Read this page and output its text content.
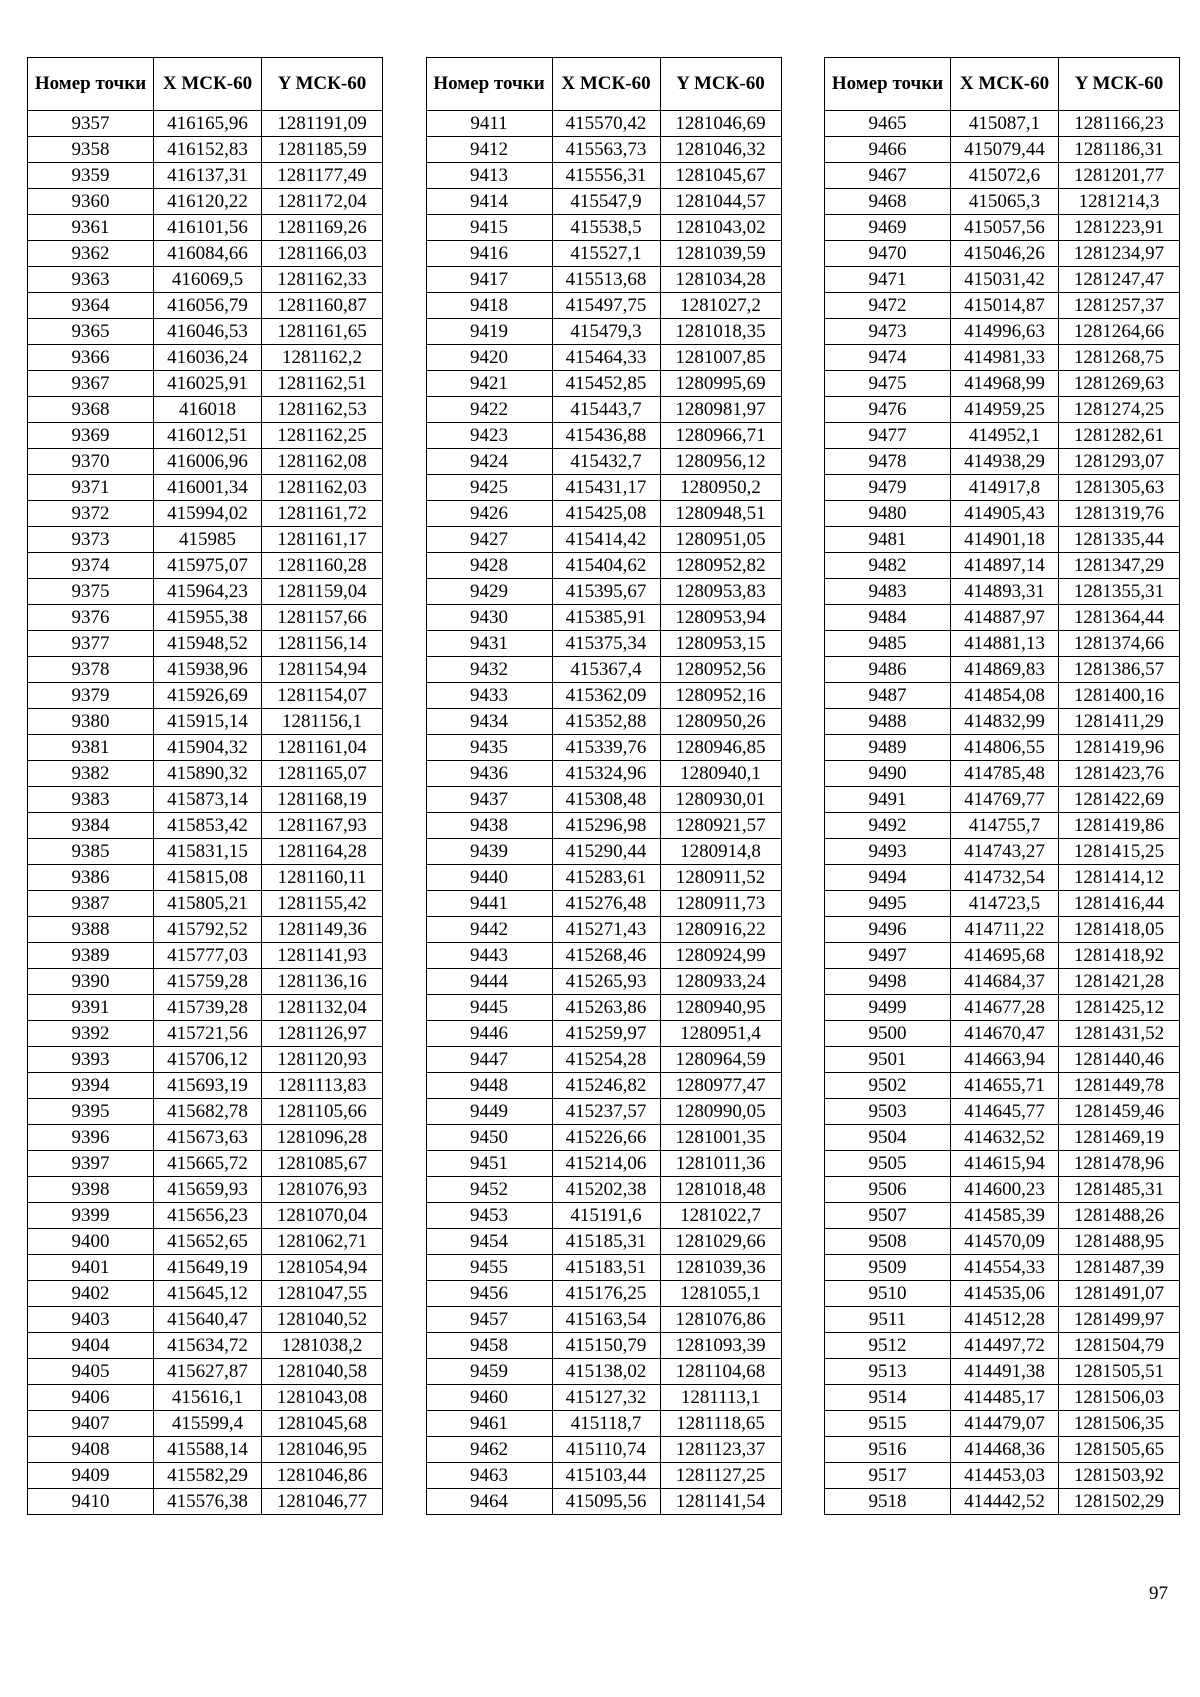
Номер точки	X МСК-60	Y МСК-60
9357	416165,96	1281191,09
9358	416152,83	1281185,59
9359	416137,31	1281177,49
9360	416120,22	1281172,04
9361	416101,56	1281169,26
9362	416084,66	1281166,03
9363	416069,5	1281162,33
9364	416056,79	1281160,87
9365	416046,53	1281161,65
9366	416036,24	1281162,2
9367	416025,91	1281162,51
9368	416018	1281162,53
9369	416012,51	1281162,25
9370	416006,96	1281162,08
9371	416001,34	1281162,03
9372	415994,02	1281161,72
9373	415985	1281161,17
9374	415975,07	1281160,28
9375	415964,23	1281159,04
9376	415955,38	1281157,66
9377	415948,52	1281156,14
9378	415938,96	1281154,94
9379	415926,69	1281154,07
9380	415915,14	1281156,1
9381	415904,32	1281161,04
9382	415890,32	1281165,07
9383	415873,14	1281168,19
9384	415853,42	1281167,93
9385	415831,15	1281164,28
9386	415815,08	1281160,11
9387	415805,21	1281155,42
9388	415792,52	1281149,36
9389	415777,03	1281141,93
9390	415759,28	1281136,16
9391	415739,28	1281132,04
9392	415721,56	1281126,97
9393	415706,12	1281120,93
9394	415693,19	1281113,83
9395	415682,78	1281105,66
9396	415673,63	1281096,28
9397	415665,72	1281085,67
9398	415659,93	1281076,93
9399	415656,23	1281070,04
9400	415652,65	1281062,71
9401	415649,19	1281054,94
9402	415645,12	1281047,55
9403	415640,47	1281040,52
9404	415634,72	1281038,2
9405	415627,87	1281040,58
9406	415616,1	1281043,08
9407	415599,4	1281045,68
9408	415588,14	1281046,95
9409	415582,29	1281046,86
9410	415576,38	1281046,77
Номер точки	X МСК-60	Y МСК-60
9411	415570,42	1281046,69
9412	415563,73	1281046,32
9413	415556,31	1281045,67
9414	415547,9	1281044,57
9415	415538,5	1281043,02
9416	415527,1	1281039,59
9417	415513,68	1281034,28
9418	415497,75	1281027,2
9419	415479,3	1281018,35
9420	415464,33	1281007,85
9421	415452,85	1280995,69
9422	415443,7	1280981,97
9423	415436,88	1280966,71
9424	415432,7	1280956,12
9425	415431,17	1280950,2
9426	415425,08	1280948,51
9427	415414,42	1280951,05
9428	415404,62	1280952,82
9429	415395,67	1280953,83
9430	415385,91	1280953,94
9431	415375,34	1280953,15
9432	415367,4	1280952,56
9433	415362,09	1280952,16
9434	415352,88	1280950,26
9435	415339,76	1280946,85
9436	415324,96	1280940,1
9437	415308,48	1280930,01
9438	415296,98	1280921,57
9439	415290,44	1280914,8
9440	415283,61	1280911,52
9441	415276,48	1280911,73
9442	415271,43	1280916,22
9443	415268,46	1280924,99
9444	415265,93	1280933,24
9445	415263,86	1280940,95
9446	415259,97	1280951,4
9447	415254,28	1280964,59
9448	415246,82	1280977,47
9449	415237,57	1280990,05
9450	415226,66	1281001,35
9451	415214,06	1281011,36
9452	415202,38	1281018,48
9453	415191,6	1281022,7
9454	415185,31	1281029,66
9455	415183,51	1281039,36
9456	415176,25	1281055,1
9457	415163,54	1281076,86
9458	415150,79	1281093,39
9459	415138,02	1281104,68
9460	415127,32	1281113,1
9461	415118,7	1281118,65
9462	415110,74	1281123,37
9463	415103,44	1281127,25
9464	415095,56	1281141,54
Номер точки	X МСК-60	Y МСК-60
9465	415087,1	1281166,23
9466	415079,44	1281186,31
9467	415072,6	1281201,77
9468	415065,3	1281214,3
9469	415057,56	1281223,91
9470	415046,26	1281234,97
9471	415031,42	1281247,47
9472	415014,87	1281257,37
9473	414996,63	1281264,66
9474	414981,33	1281268,75
9475	414968,99	1281269,63
9476	414959,25	1281274,25
9477	414952,1	1281282,61
9478	414938,29	1281293,07
9479	414917,8	1281305,63
9480	414905,43	1281319,76
9481	414901,18	1281335,44
9482	414897,14	1281347,29
9483	414893,31	1281355,31
9484	414887,97	1281364,44
9485	414881,13	1281374,66
9486	414869,83	1281386,57
9487	414854,08	1281400,16
9488	414832,99	1281411,29
9489	414806,55	1281419,96
9490	414785,48	1281423,76
9491	414769,77	1281422,69
9492	414755,7	1281419,86
9493	414743,27	1281415,25
9494	414732,54	1281414,12
9495	414723,5	1281416,44
9496	414711,22	1281418,05
9497	414695,68	1281418,92
9498	414684,37	1281421,28
9499	414677,28	1281425,12
9500	414670,47	1281431,52
9501	414663,94	1281440,46
9502	414655,71	1281449,78
9503	414645,77	1281459,46
9504	414632,52	1281469,19
9505	414615,94	1281478,96
9506	414600,23	1281485,31
9507	414585,39	1281488,26
9508	414570,09	1281488,95
9509	414554,33	1281487,39
9510	414535,06	1281491,07
9511	414512,28	1281499,97
9512	414497,72	1281504,79
9513	414491,38	1281505,51
9514	414485,17	1281506,03
9515	414479,07	1281506,35
9516	414468,36	1281505,65
9517	414453,03	1281503,92
9518	414442,52	1281502,29
97
